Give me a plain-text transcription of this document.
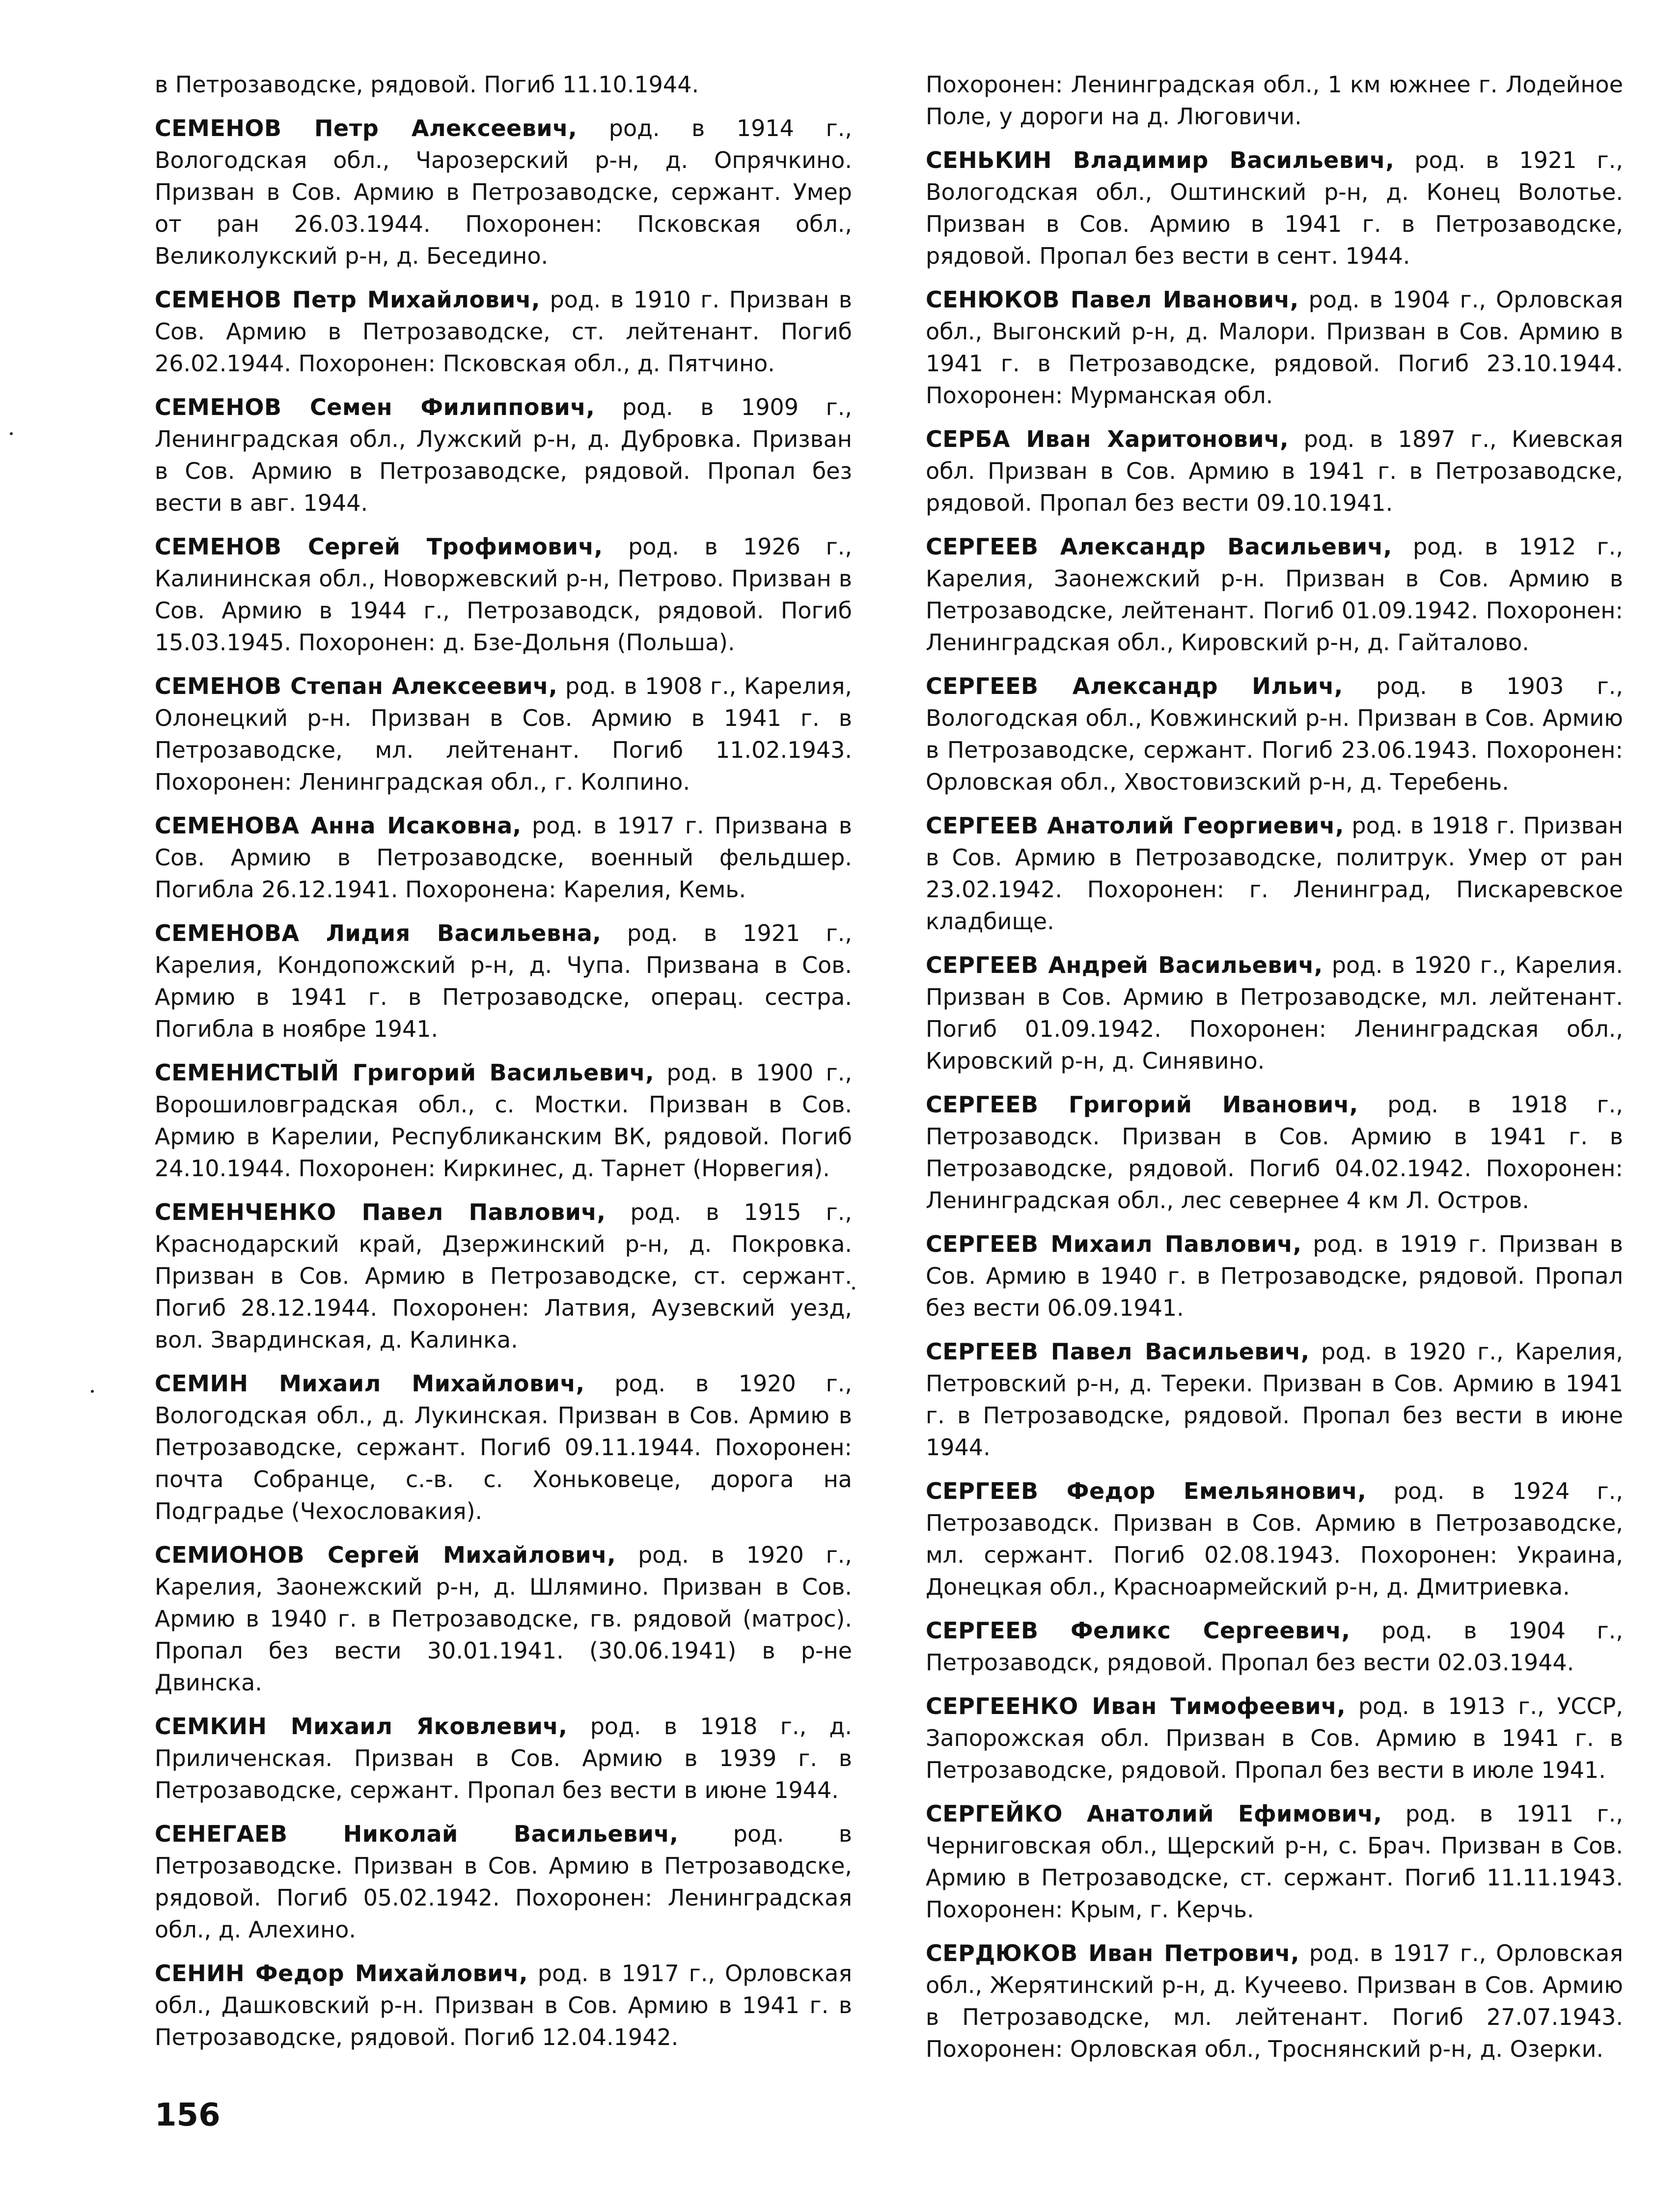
в Петрозаводске, рядовой. Погиб 11.10.1944.

СЕМЕНОВ Петр Алексеевич, род. в 1914 г., Вологодская обл., Чарозерский р-н, д. Опрячкино. Призван в Сов. Армию в Петрозаводске, сержант. Умер от ран 26.03.1944. Похоронен: Псковская обл., Великолукский р-н, д. Беседино.

СЕМЕНОВ Петр Михайлович, род. в 1910 г. Призван в Сов. Армию в Петрозаводске, ст. лейтенант. Погиб 26.02.1944. Похоронен: Псковская обл., д. Пятчино.

СЕМЕНОВ Семен Филиппович, род. в 1909 г., Ленинградская обл., Лужский р-н, д. Дубровка. Призван в Сов. Армию в Петрозаводске, рядовой. Пропал без вести в авг. 1944.

СЕМЕНОВ Сергей Трофимович, род. в 1926 г., Калининская обл., Новоржевский р-н, Петрово. Призван в Сов. Армию в 1944 г., Петрозаводск, рядовой. Погиб 15.03.1945. Похоронен: д. Бзе-Дольня (Польша).

СЕМЕНОВ Степан Алексеевич, род. в 1908 г., Карелия, Олонецкий р-н. Призван в Сов. Армию в 1941 г. в Петрозаводске, мл. лейтенант. Погиб 11.02.1943. Похоронен: Ленинградская обл., г. Колпино.

СЕМЕНОВА Анна Исаковна, род. в 1917 г. Призвана в Сов. Армию в Петрозаводске, военный фельдшер. Погибла 26.12.1941. Похоронена: Карелия, Кемь.

СЕМЕНОВА Лидия Васильевна, род. в 1921 г., Карелия, Кондопожский р-н, д. Чупа. Призвана в Сов. Армию в 1941 г. в Петрозаводске, операц. сестра. Погибла в ноябре 1941.

СЕМЕНИСТЫЙ Григорий Васильевич, род. в 1900 г., Ворошиловградская обл., с. Мостки. Призван в Сов. Армию в Карелии, Республиканским ВК, рядовой. Погиб 24.10.1944. Похоронен: Киркинес, д. Тарнет (Норвегия).

СЕМЕНЧЕНКО Павел Павлович, род. в 1915 г., Краснодарский край, Дзержинский р-н, д. Покровка. Призван в Сов. Армию в Петрозаводске, ст. сержант. Погиб 28.12.1944. Похоронен: Латвия, Аузевский уезд, вол. Звардинская, д. Калинка.

СЕМИН Михаил Михайлович, род. в 1920 г., Вологодская обл., д. Лукинская. Призван в Сов. Армию в Петрозаводске, сержант. Погиб 09.11.1944. Похоронен: почта Собранце, с.-в. с. Хоньковеце, дорога на Подградье (Чехословакия).

СЕМИОНОВ Сергей Михайлович, род. в 1920 г., Карелия, Заонежский р-н, д. Шлямино. Призван в Сов. Армию в 1940 г. в Петрозаводске, гв. рядовой (матрос). Пропал без вести 30.01.1941. (30.06.1941) в р-не Двинска.

СЕМКИН Михаил Яковлевич, род. в 1918 г., д. Приличенская. Призван в Сов. Армию в 1939 г. в Петрозаводске, сержант. Пропал без вести в июне 1944.

СЕНЕГАЕВ Николай Васильевич, род. в Петрозаводске. Призван в Сов. Армию в Петрозаводске, рядовой. Погиб 05.02.1942. Похоронен: Ленинградская обл., д. Алехино.

СЕНИН Федор Михайлович, род. в 1917 г., Орловская обл., Дашковский р-н. Призван в Сов. Армию в 1941 г. в Петрозаводске, рядовой. Погиб 12.04.1942.

Похоронен: Ленинградская обл., 1 км южнее г. Лодейное Поле, у дороги на д. Люговичи.

СЕНЬКИН Владимир Васильевич, род. в 1921 г., Вологодская обл., Оштинский р-н, д. Конец Волотье. Призван в Сов. Армию в 1941 г. в Петрозаводске, рядовой. Пропал без вести в сент. 1944.

СЕНЮКОВ Павел Иванович, род. в 1904 г., Орловская обл., Выгонский р-н, д. Малори. Призван в Сов. Армию в 1941 г. в Петрозаводске, рядовой. Погиб 23.10.1944. Похоронен: Мурманская обл.

СЕРБА Иван Харитонович, род. в 1897 г., Киевская обл. Призван в Сов. Армию в 1941 г. в Петрозаводске, рядовой. Пропал без вести 09.10.1941.

СЕРГЕЕВ Александр Васильевич, род. в 1912 г., Карелия, Заонежский р-н. Призван в Сов. Армию в Петрозаводске, лейтенант. Погиб 01.09.1942. Похоронен: Ленинградская обл., Кировский р-н, д. Гайталово.

СЕРГЕЕВ Александр Ильич, род. в 1903 г., Вологодская обл., Ковжинский р-н. Призван в Сов. Армию в Петрозаводске, сержант. Погиб 23.06.1943. Похоронен: Орловская обл., Хвостовизский р-н, д. Теребень.

СЕРГЕЕВ Анатолий Георгиевич, род. в 1918 г. Призван в Сов. Армию в Петрозаводске, политрук. Умер от ран 23.02.1942. Похоронен: г. Ленинград, Пискаревское кладбище.

СЕРГЕЕВ Андрей Васильевич, род. в 1920 г., Карелия. Призван в Сов. Армию в Петрозаводске, мл. лейтенант. Погиб 01.09.1942. Похоронен: Ленинградская обл., Кировский р-н, д. Синявино.

СЕРГЕЕВ Григорий Иванович, род. в 1918 г., Петрозаводск. Призван в Сов. Армию в 1941 г. в Петрозаводске, рядовой. Погиб 04.02.1942. Похоронен: Ленинградская обл., лес севернее 4 км Л. Остров.

СЕРГЕЕВ Михаил Павлович, род. в 1919 г. Призван в Сов. Армию в 1940 г. в Петрозаводске, рядовой. Пропал без вести 06.09.1941.

СЕРГЕЕВ Павел Васильевич, род. в 1920 г., Карелия, Петровский р-н, д. Тереки. Призван в Сов. Армию в 1941 г. в Петрозаводске, рядовой. Пропал без вести в июне 1944.

СЕРГЕЕВ Федор Емельянович, род. в 1924 г., Петрозаводск. Призван в Сов. Армию в Петрозаводске, мл. сержант. Погиб 02.08.1943. Похоронен: Украина, Донецкая обл., Красноармейский р-н, д. Дмитриевка.

СЕРГЕЕВ Феликс Сергеевич, род. в 1904 г., Петрозаводск, рядовой. Пропал без вести 02.03.1944.

СЕРГЕЕНКО Иван Тимофеевич, род. в 1913 г., УССР, Запорожская обл. Призван в Сов. Армию в 1941 г. в Петрозаводске, рядовой. Пропал без вести в июле 1941.

СЕРГЕЙКО Анатолий Ефимович, род. в 1911 г., Черниговская обл., Щерский р-н, с. Брач. Призван в Сов. Армию в Петрозаводске, ст. сержант. Погиб 11.11.1943. Похоронен: Крым, г. Керчь.

СЕРДЮКОВ Иван Петрович, род. в 1917 г., Орловская обл., Жерятинский р-н, д. Кучеево. Призван в Сов. Армию в Петрозаводске, мл. лейтенант. Погиб 27.07.1943. Похоронен: Орловская обл., Троснянский р-н, д. Озерки.

156
